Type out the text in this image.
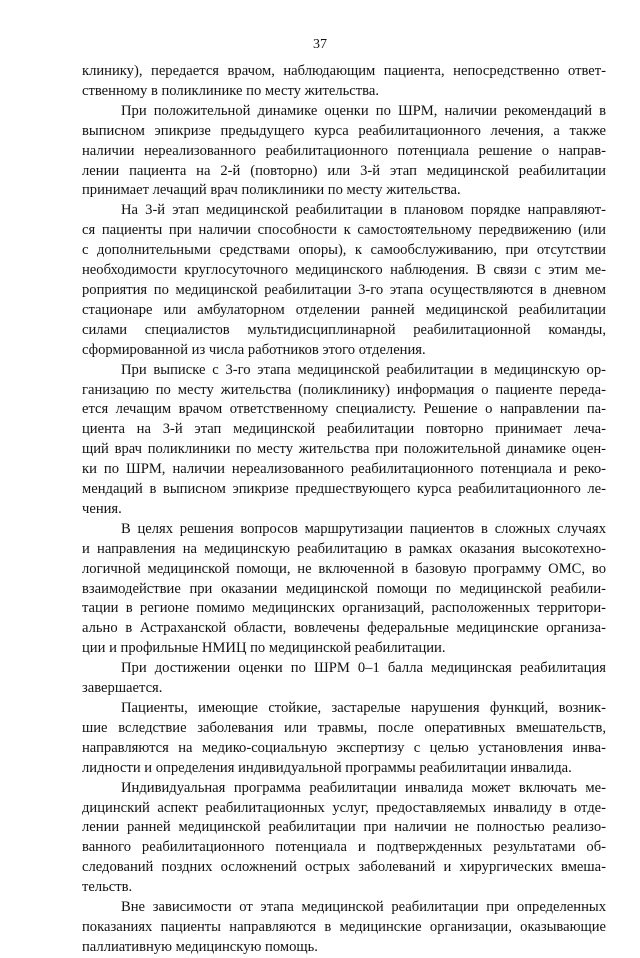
37
клинику), передается врачом, наблюдающим пациента, непосредственно ответ-
ственному в поликлинике по месту жительства.
При положительной динамике оценки по ШРМ, наличии рекомендаций в
выписном эпикризе предыдущего курса реабилитационного лечения, а также
наличии нереализованного реабилитационного потенциала решение о направ-
лении пациента на 2-й (повторно) или 3-й этап медицинской реабилитации
принимает лечащий врач поликлиники по месту жительства.
На 3-й этап медицинской реабилитации в плановом порядке направляют-
ся пациенты при наличии способности к самостоятельному передвижению (или
с дополнительными средствами опоры), к самообслуживанию, при отсутствии
необходимости круглосуточного медицинского наблюдения. В связи с этим ме-
роприятия по медицинской реабилитации 3-го этапа осуществляются в дневном
стационаре или амбулаторном отделении ранней медицинской реабилитации
силами специалистов мультидисциплинарной реабилитационной команды,
сформированной из числа работников этого отделения.
При выписке с 3-го этапа медицинской реабилитации в медицинскую ор-
ганизацию по месту жительства (поликлинику) информация о пациенте переда-
ется лечащим врачом ответственному специалисту. Решение о направлении па-
циента на 3-й этап медицинской реабилитации повторно принимает леча-
щий врач поликлиники по месту жительства при положительной динамике оцен-
ки по ШРМ, наличии нереализованного реабилитационного потенциала и реко-
мендаций в выписном эпикризе предшествующего курса реабилитационного ле-
чения.
В целях решения вопросов маршрутизации пациентов в сложных случаях
и направления на медицинскую реабилитацию в рамках оказания высокотехно-
логичной медицинской помощи, не включенной в базовую программу ОМС, во
взаимодействие при оказании медицинской помощи по медицинской реабили-
тации в регионе помимо медицинских организаций, расположенных территори-
ально в Астраханской области, вовлечены федеральные медицинские организа-
ции и профильные НМИЦ по медицинской реабилитации.
При достижении оценки по ШРМ 0–1 балла медицинская реабилитация
завершается.
Пациенты, имеющие стойкие, застарелые нарушения функций, возник-
шие вследствие заболевания или травмы, после оперативных вмешательств,
направляются на медико-социальную экспертизу с целью установления инва-
лидности и определения индивидуальной программы реабилитации инвалида.
Индивидуальная программа реабилитации инвалида может включать ме-
дицинский аспект реабилитационных услуг, предоставляемых инвалиду в отде-
лении ранней медицинской реабилитации при наличии не полностью реализо-
ванного реабилитационного потенциала и подтвержденных результатами об-
следований поздних осложнений острых заболеваний и хирургических вмеша-
тельств.
Вне зависимости от этапа медицинской реабилитации при определенных
показаниях пациенты направляются в медицинские организации, оказывающие
паллиативную медицинскую помощь.
